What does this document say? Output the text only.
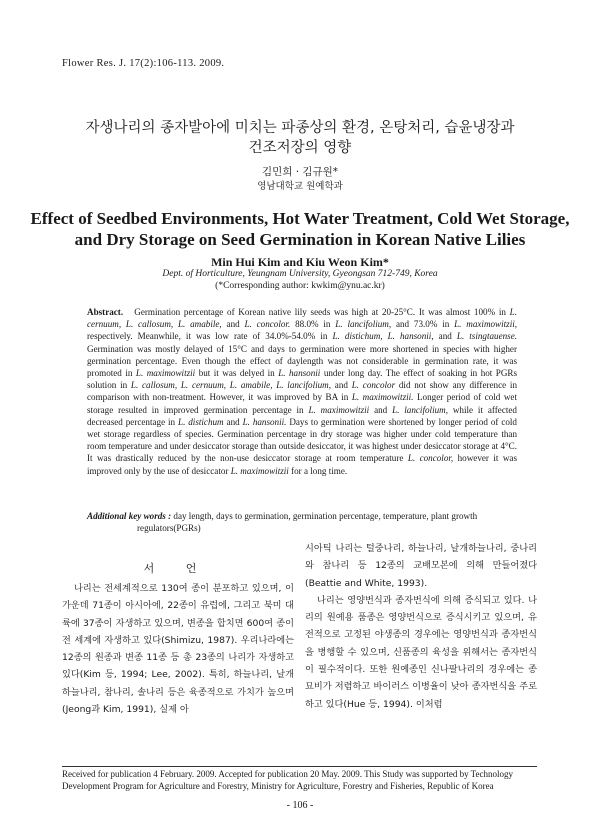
Flower Res. J. 17(2):106-113. 2009.
자생나리의 종자발아에 미치는 파종상의 환경, 온탕처리, 습윤냉장과
건조저장의 영향
김민희 · 김규원*
영남대학교 원예학과
Effect of Seedbed Environments, Hot Water Treatment, Cold Wet Storage,
and Dry Storage on Seed Germination in Korean Native Lilies
Min Hui Kim and Kiu Weon Kim*
Dept. of Horticulture, Yeungnam University, Gyeongsan 712-749, Korea
(*Corresponding author: kwkim@ynu.ac.kr)
Abstract. Germination percentage of Korean native lily seeds was high at 20-25°C. It was almost 100% in L. cernuum, L. callosum, L. amabile, and L. concolor. 88.0% in L. lancifolium, and 73.0% in L. maximowitzii, respectively. Meanwhile, it was low rate of 34.0%-54.0% in L. distichum, L. hansonii, and L. tsingtauense. Germination was mostly delayed of 15°C and days to germination were more shortened in species with higher germination percentage. Even though the effect of daylength was not considerable in germination rate, it was promoted in L. maximowitzii but it was delyed in L. hansonii under long day. The effect of soaking in hot PGRs solution in L. callosum, L. cernuum, L. amabile, L. lancifolium, and L. concolor did not show any difference in comparison with non-treatment. However, it was improved by BA in L. maximowitzii. Longer period of cold wet storage resulted in improved germination percentage in L. maximowitzii and L. lancifolium, while it affected decreased percentage in L. distichum and L. hansonii. Days to germination were shortened by longer period of cold wet storage regardless of species. Germination percentage in dry storage was higher under cold temperature than room temperature and under desiccator storage than outside desiccator, it was highest under desiccator storage at 4°C. It was drastically reduced by the non-use desiccator storage at room temperature L. concolor, however it was improved only by the use of desiccator L. maximowitzii for a long time.
Additional key words : day length, days to germination, germination percentage, temperature, plant growth
regulators(PGRs)
서 언

나리는 전세계적으로 130여 종이 분포하고 있으며, 이 가운데 71종이 아시아에, 22종이 유럽에, 그리고 북미 대륙에 37종이 자생하고 있으며, 변종을 합치면 600여 종이 전 세계에 자생하고 있다(Shimizu, 1987). 우리나라에는 12종의 원종과 변종 11종 등 총 23종의 나리가 자생하고 있다(Kim 등, 1994; Lee, 2002). 특히, 하늘나리, 날개하늘나리, 참나리, 솔나리 등은 육종적으로 가치가 높으며(Jeong과 Kim, 1991), 실제 아

시아틱 나리는 털중나리, 하늘나리, 날개하늘나리, 중나리와 참나리 등 12종의 교배모본에 의해 만들어졌다(Beattie and White, 1993).

나리는 영양번식과 종자번식에 의해 증식되고 있다. 나리의 원예용 품종은 영양번식으로 증식시키고 있으며, 유전적으로 고정된 야생종의 경우에는 영양번식과 종자번식을 병행할 수 있으며, 신품종의 육성을 위해서는 종자번식이 필수적이다. 또한 원예종인 신나팔나리의 경우에는 종묘비가 저렴하고 바이러스 이병율이 낮아 종자번식을 주로 하고 있다(Hue 등, 1994). 이처럼

Received for publication 4 February. 2009. Accepted for publication 20 May. 2009. This Study was supported by Technology Development Program for Agriculture and Forestry, Ministry for Agriculture, Forestry and Fisheries, Republic of Korea
- 106 -
